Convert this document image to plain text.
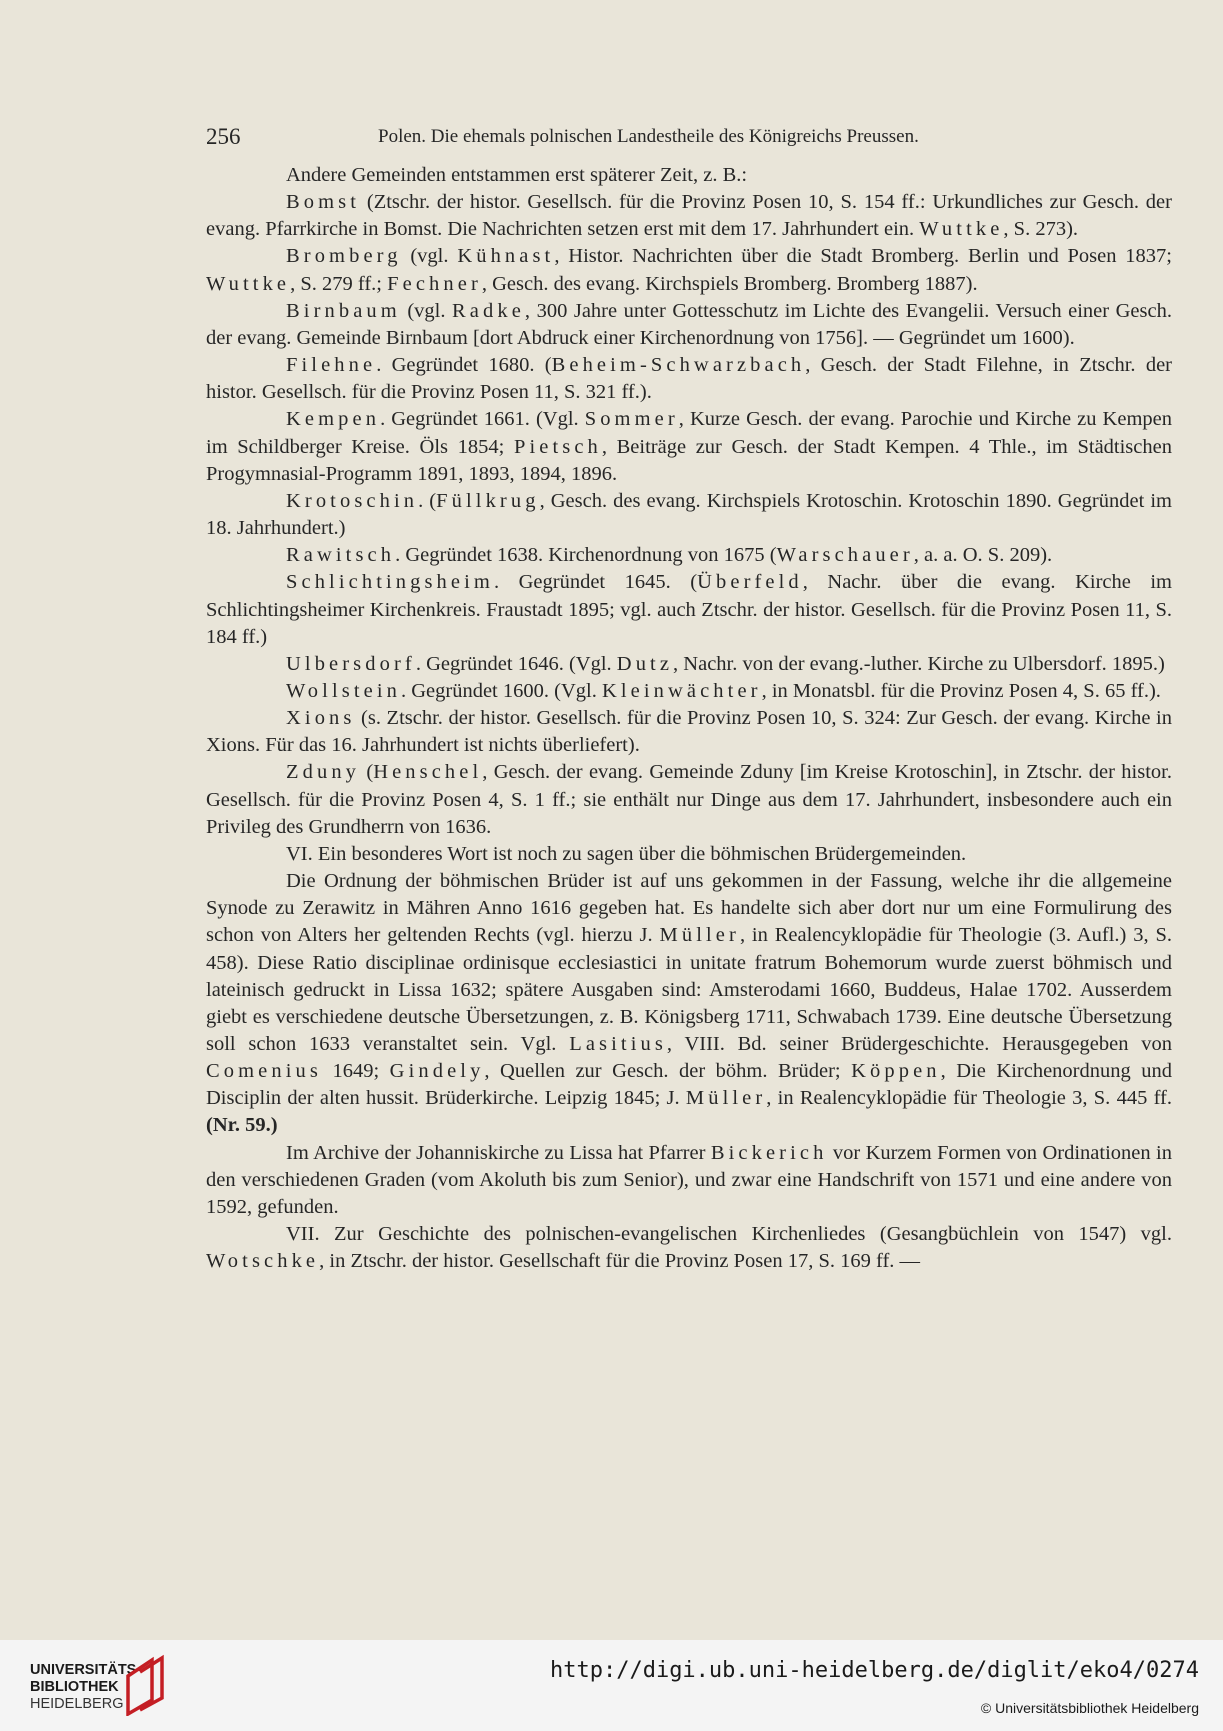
256	Polen. Die ehemals polnischen Landestheile des Königreichs Preussen.

Andere Gemeinden entstammen erst späterer Zeit, z. B.:

Bomst (Ztschr. der histor. Gesellsch. für die Provinz Posen 10, S. 154 ff.: Urkundliches zur Gesch. der evang. Pfarrkirche in Bomst. Die Nachrichten setzen erst mit dem 17. Jahrhundert ein. Wuttke, S. 273).

Bromberg (vgl. Kühnast, Histor. Nachrichten über die Stadt Bromberg. Berlin und Posen 1837; Wuttke, S. 279 ff.; Fechner, Gesch. des evang. Kirchspiels Bromberg. Bromberg 1887).

Birnbaum (vgl. Radke, 300 Jahre unter Gottesschutz im Lichte des Evangelii. Versuch einer Gesch. der evang. Gemeinde Birnbaum [dort Abdruck einer Kirchenordnung von 1756]. — Gegründet um 1600).

Filehne. Gegründet 1680. (Beheim-Schwarzbach, Gesch. der Stadt Filehne, in Ztschr. der histor. Gesellsch. für die Provinz Posen 11, S. 321 ff.).

Kempen. Gegründet 1661. (Vgl. Sommer, Kurze Gesch. der evang. Parochie und Kirche zu Kempen im Schildberger Kreise. Öls 1854; Pietsch, Beiträge zur Gesch. der Stadt Kempen. 4 Thle., im Städtischen Progymnasial-Programm 1891, 1893, 1894, 1896.

Krotoschin. (Füllkrug, Gesch. des evang. Kirchspiels Krotoschin. Krotoschin 1890. Gegründet im 18. Jahrhundert.)

Rawitsch. Gegründet 1638. Kirchenordnung von 1675 (Warschauer, a. a. O. S. 209).

Schlichtingsheim. Gegründet 1645. (Überfeld, Nachr. über die evang. Kirche im Schlichtingsheimer Kirchenkreis. Fraustadt 1895; vgl. auch Ztschr. der histor. Gesellsch. für die Provinz Posen 11, S. 184 ff.)

Ulbersdorf. Gegründet 1646. (Vgl. Dutz, Nachr. von der evang.-luther. Kirche zu Ulbersdorf. 1895.)

Wollstein. Gegründet 1600. (Vgl. Kleinwächter, in Monatsbl. für die Provinz Posen 4, S. 65 ff.).

Xions (s. Ztschr. der histor. Gesellsch. für die Provinz Posen 10, S. 324: Zur Gesch. der evang. Kirche in Xions. Für das 16. Jahrhundert ist nichts überliefert).

Zduny (Henschel, Gesch. der evang. Gemeinde Zduny [im Kreise Krotoschin], in Ztschr. der histor. Gesellsch. für die Provinz Posen 4, S. 1 ff.; sie enthält nur Dinge aus dem 17. Jahrhundert, insbesondere auch ein Privileg des Grundherrn von 1636.

VI. Ein besonderes Wort ist noch zu sagen über die böhmischen Brüdergemeinden.

Die Ordnung der böhmischen Brüder ist auf uns gekommen in der Fassung, welche ihr die allgemeine Synode zu Zerawitz in Mähren Anno 1616 gegeben hat. Es handelte sich aber dort nur um eine Formulirung des schon von Alters her geltenden Rechts (vgl. hierzu J. Müller, in Realencyklopädie für Theologie (3. Aufl.) 3, S. 458). Diese Ratio disciplinae ordinisque ecclesiastici in unitate fratrum Bohemorum wurde zuerst böhmisch und lateinisch gedruckt in Lissa 1632; spätere Ausgaben sind: Amsterodami 1660, Buddeus, Halae 1702. Ausserdem giebt es verschiedene deutsche Übersetzungen, z. B. Königsberg 1711, Schwabach 1739. Eine deutsche Übersetzung soll schon 1633 veranstaltet sein. Vgl. Lasitius, VIII. Bd. seiner Brüdergeschichte. Herausgegeben von Comenius 1649; Gindely, Quellen zur Gesch. der böhm. Brüder; Köppen, Die Kirchenordnung und Disciplin der alten hussit. Brüderkirche. Leipzig 1845; J. Müller, in Realencyklopädie für Theologie 3, S. 445 ff. (Nr. 59.)

Im Archive der Johanniskirche zu Lissa hat Pfarrer Bickerich vor Kurzem Formen von Ordinationen in den verschiedenen Graden (vom Akoluth bis zum Senior), und zwar eine Handschrift von 1571 und eine andere von 1592, gefunden.

VII. Zur Geschichte des polnischen-evangelischen Kirchenliedes (Gesangbüchlein von 1547) vgl. Wotschke, in Ztschr. der histor. Gesellschaft für die Provinz Posen 17, S. 169 ff. —

UNIVERSITÄTS-
BIBLIOTHEK
HEIDELBERG
http://digi.ub.uni-heidelberg.de/diglit/eko4/0274
© Universitätsbibliothek Heidelberg
